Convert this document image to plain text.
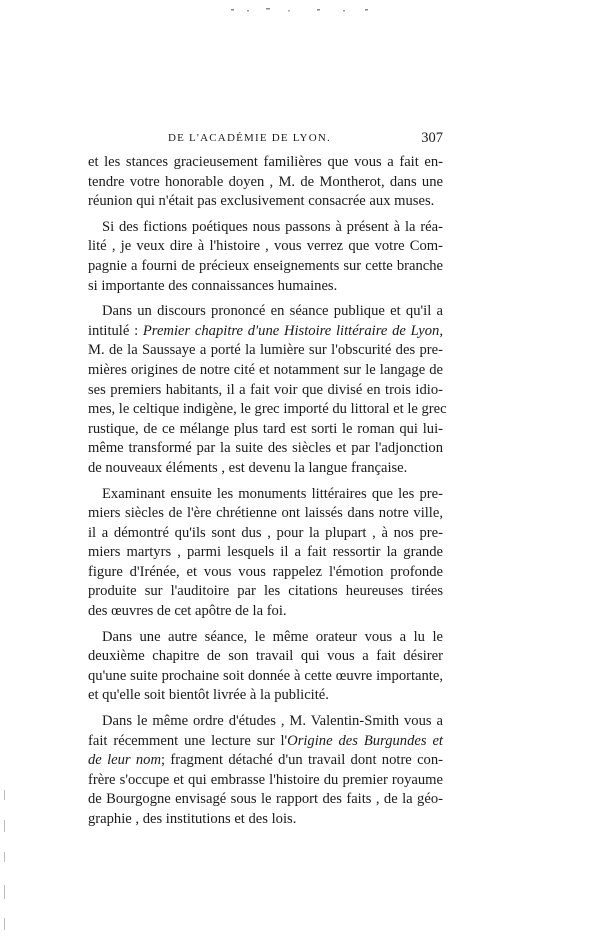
DE L'ACADÉMIE DE LYON.	307
et les stances gracieusement familières que vous a fait en-
tendre votre honorable doyen , M. de Montherot, dans une
réunion qui n'était pas exclusivement consacrée aux muses.
Si des fictions poétiques nous passons à présent à la réa-
lité , je veux dire à l'histoire , vous verrez que votre Com-
pagnie a fourni de précieux enseignements sur cette branche
si importante des connaissances humaines.
Dans un discours prononcé en séance publique et qu'il a
intitulé : Premier chapitre d'une Histoire littéraire de Lyon,
M. de la Saussaye a porté la lumière sur l'obscurité des pre-
mières origines de notre cité et notamment sur le langage de
ses premiers habitants, il a fait voir que divisé en trois idio-
mes, le celtique indigène, le grec importé du littoral et le grec
rustique, de ce mélange plus tard est sorti le roman qui lui-
même transformé par la suite des siècles et par l'adjonction
de nouveaux éléments , est devenu la langue française.
Examinant ensuite les monuments littéraires que les pre-
miers siècles de l'ère chrétienne ont laissés dans notre ville,
il a démontré qu'ils sont dus , pour la plupart , à nos pre-
miers martyrs , parmi lesquels il a fait ressortir la grande
figure d'Irénée, et vous vous rappelez l'émotion profonde
produite sur l'auditoire par les citations heureuses tirées
des œuvres de cet apôtre de la foi.
Dans une autre séance, le même orateur vous a lu le
deuxième chapitre de son travail qui vous a fait désirer
qu'une suite prochaine soit donnée à cette œuvre importante,
et qu'elle soit bientôt livrée à la publicité.
Dans le même ordre d'études , M. Valentin-Smith vous a
fait récemment une lecture sur l'Origine des Burgundes et
de leur nom; fragment détaché d'un travail dont notre con-
frère s'occupe et qui embrasse l'histoire du premier royaume
de Bourgogne envisagé sous le rapport des faits , de la géo-
graphie , des institutions et des lois.
